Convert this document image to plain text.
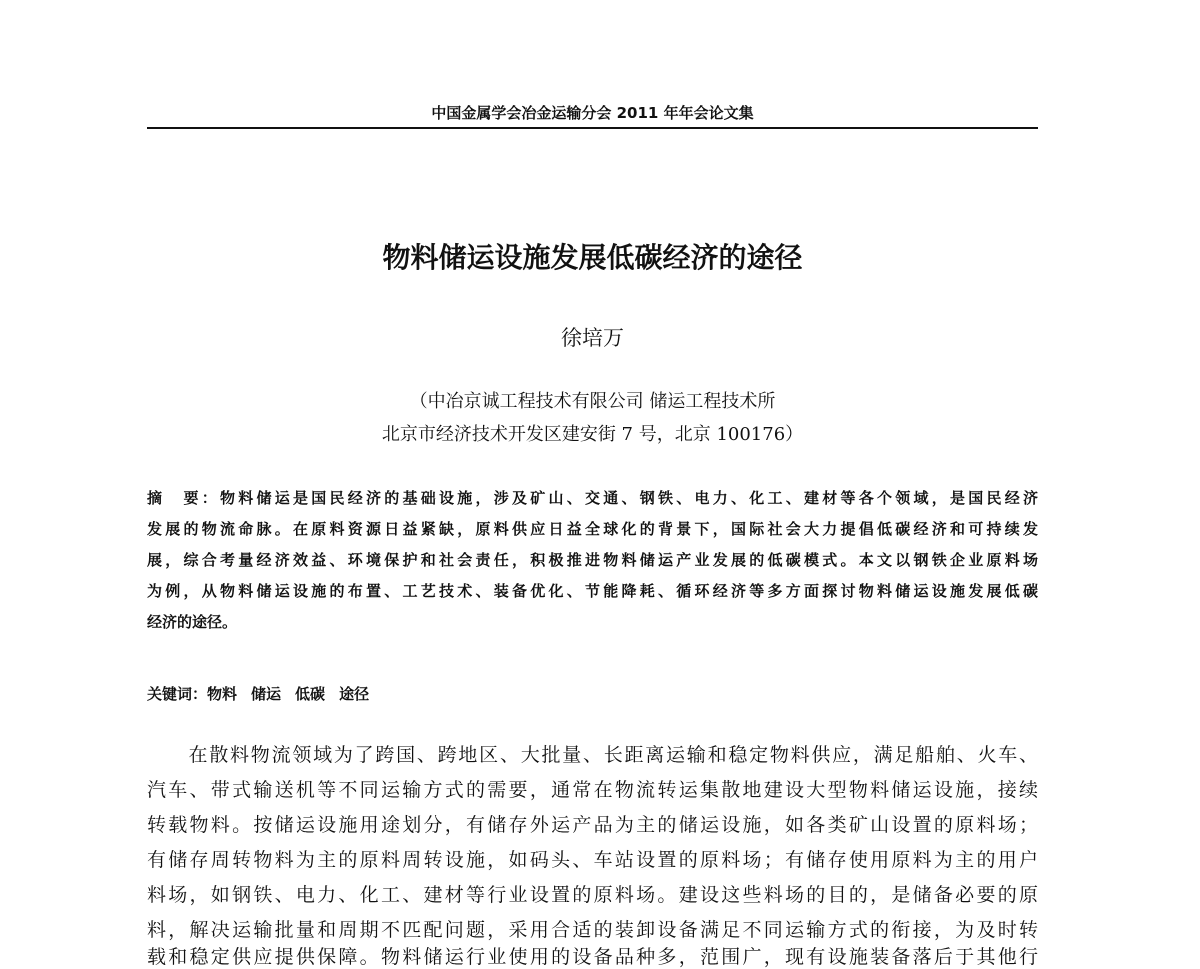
中国金属学会冶金运输分会 2011 年年会论文集
物料储运设施发展低碳经济的途径
徐培万
（中冶京诚工程技术有限公司 储运工程技术所
北京市经济技术开发区建安街 7 号，北京 100176）
摘　要：物料储运是国民经济的基础设施，涉及矿山、交通、钢铁、电力、化工、建材等各个领域，是国民经济
发展的物流命脉。在原料资源日益紧缺，原料供应日益全球化的背景下，国际社会大力提倡低碳经济和可持续发
展，综合考量经济效益、环境保护和社会责任，积极推进物料储运产业发展的低碳模式。本文以钢铁企业原料场
为例，从物料储运设施的布置、工艺技术、装备优化、节能降耗、循环经济等多方面探讨物料储运设施发展低碳
经济的途径。
关键词：物料 储运 低碳 途径
　　在散料物流领域为了跨国、跨地区、大批量、长距离运输和稳定物料供应，满足船舶、火车、
汽车、带式输送机等不同运输方式的需要，通常在物流转运集散地建设大型物料储运设施，接续
转载物料。按储运设施用途划分，有储存外运产品为主的储运设施，如各类矿山设置的原料场；
有储存周转物料为主的原料周转设施，如码头、车站设置的原料场；有储存使用原料为主的用户
料场，如钢铁、电力、化工、建材等行业设置的原料场。建设这些料场的目的，是储备必要的原
料，解决运输批量和周期不匹配问题，采用合适的装卸设备满足不同运输方式的衔接，为及时转
载和稳定供应提供保障。物料储运行业使用的设备品种多，范围广，现有设施装备落后于其他行
